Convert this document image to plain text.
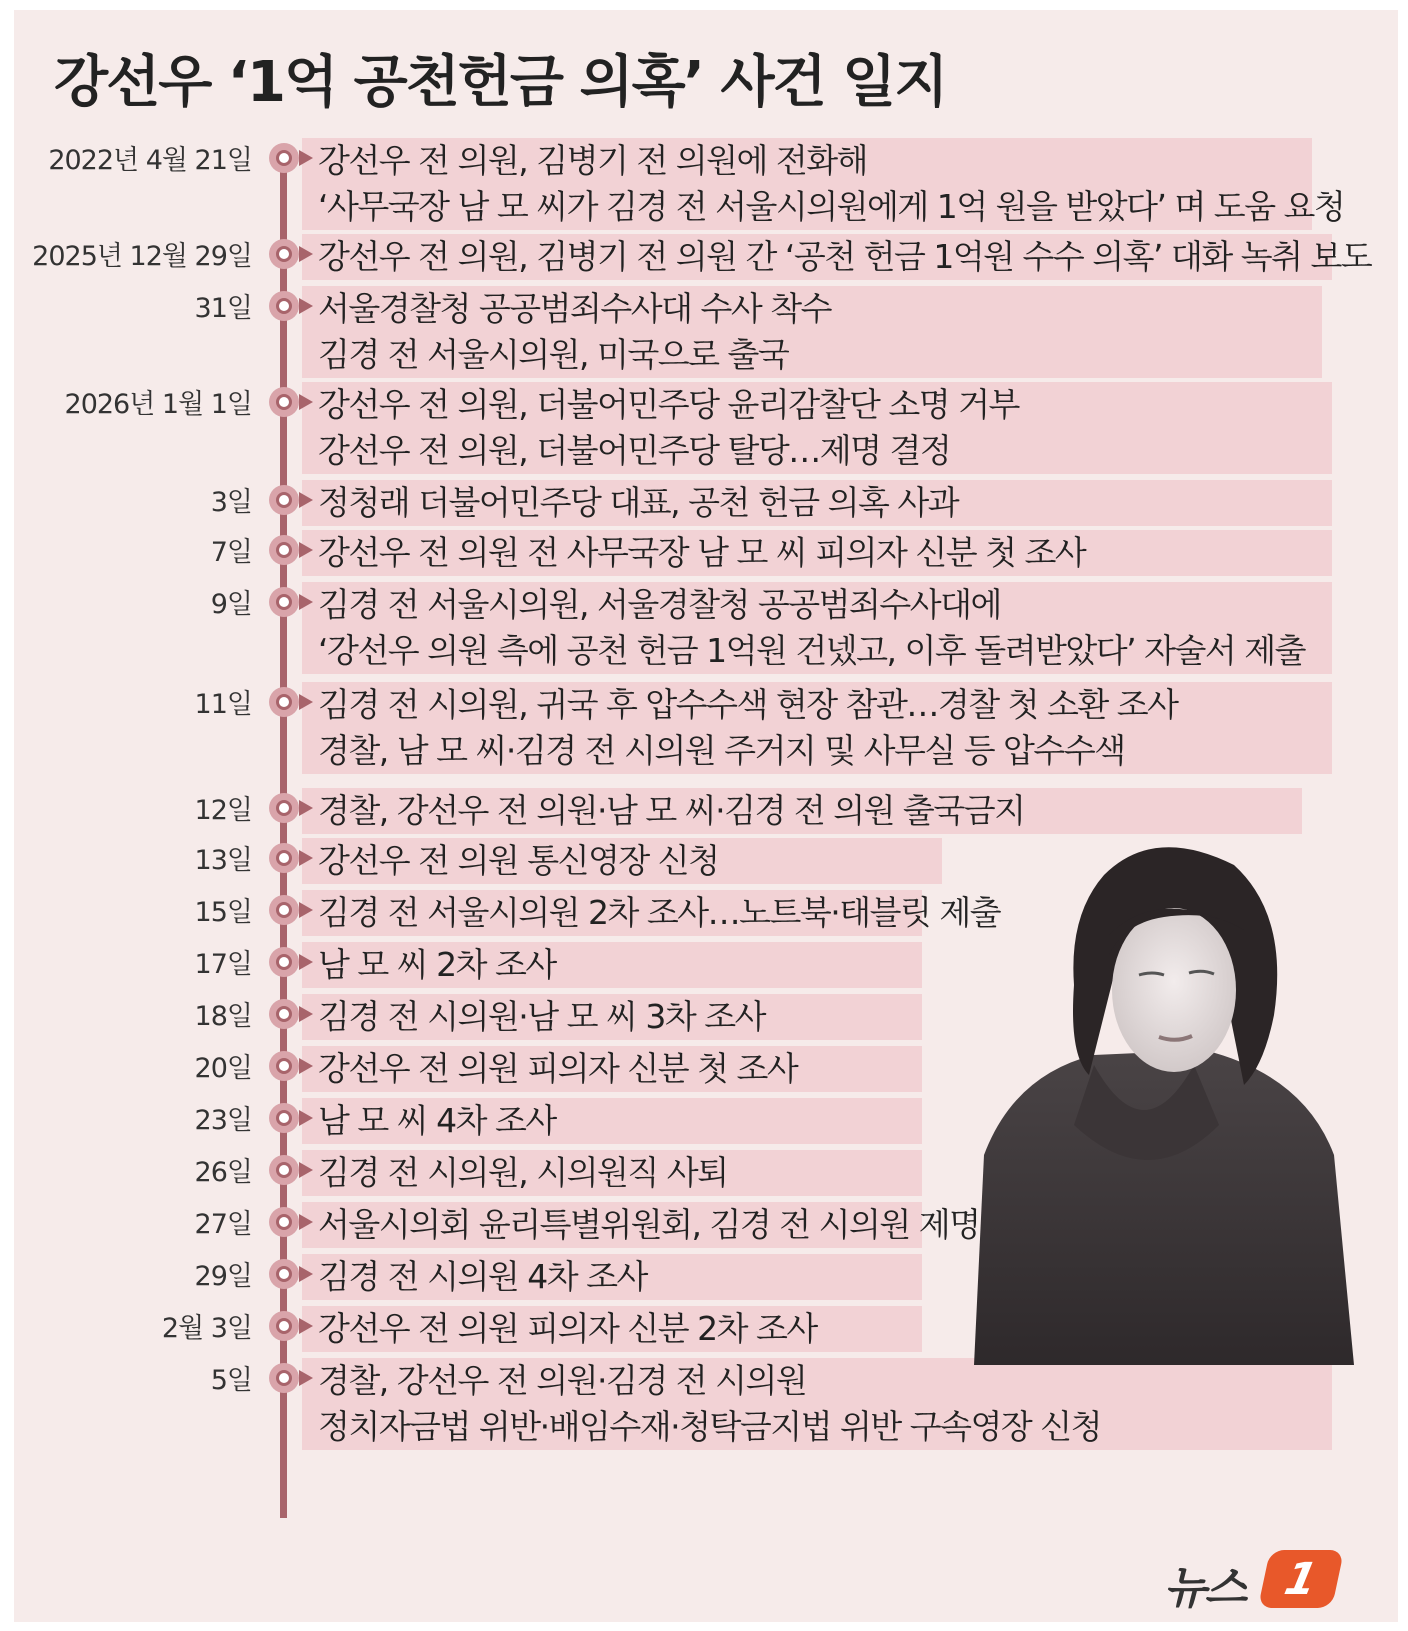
강선우 ‘1억 공천헌금 의혹’ 사건 일지
2022년 4월 21일 강선우 전 의원, 김병기 전 의원에 전화해
‘사무국장 남 모 씨가 김경 전 서울시의원에게 1억 원을 받았다’ 며 도움 요청
2025년 12월 29일 강선우 전 의원, 김병기 전 의원 간 ‘공천 헌금 1억원 수수 의혹’ 대화 녹취 보도
31일 서울경찰청 공공범죄수사대 수사 착수
김경 전 서울시의원, 미국으로 출국
2026년 1월 1일 강선우 전 의원, 더불어민주당 윤리감찰단 소명 거부
강선우 전 의원, 더불어민주당 탈당…제명 결정
3일 정청래 더불어민주당 대표, 공천 헌금 의혹 사과
7일 강선우 전 의원 전 사무국장 남 모 씨 피의자 신분 첫 조사
9일 김경 전 서울시의원, 서울경찰청 공공범죄수사대에
‘강선우 의원 측에 공천 헌금 1억원 건넸고, 이후 돌려받았다’ 자술서 제출
11일 김경 전 시의원, 귀국 후 압수수색 현장 참관…경찰 첫 소환 조사
경찰, 남 모 씨·김경 전 시의원 주거지 및 사무실 등 압수수색
12일 경찰, 강선우 전 의원·남 모 씨·김경 전 의원 출국금지
13일 강선우 전 의원 통신영장 신청
15일 김경 전 서울시의원 2차 조사…노트북·태블릿 제출
17일 남 모 씨 2차 조사
18일 김경 전 시의원·남 모 씨 3차 조사
20일 강선우 전 의원 피의자 신분 첫 조사
23일 남 모 씨 4차 조사
26일 김경 전 시의원, 시의원직 사퇴
27일 서울시의회 윤리특별위원회, 김경 전 시의원 제명
29일 김경 전 시의원 4차 조사
2월 3일 강선우 전 의원 피의자 신분 2차 조사
5일 경찰, 강선우 전 의원·김경 전 시의원
정치자금법 위반·배임수재·청탁금지법 위반 구속영장 신청
뉴스 1
